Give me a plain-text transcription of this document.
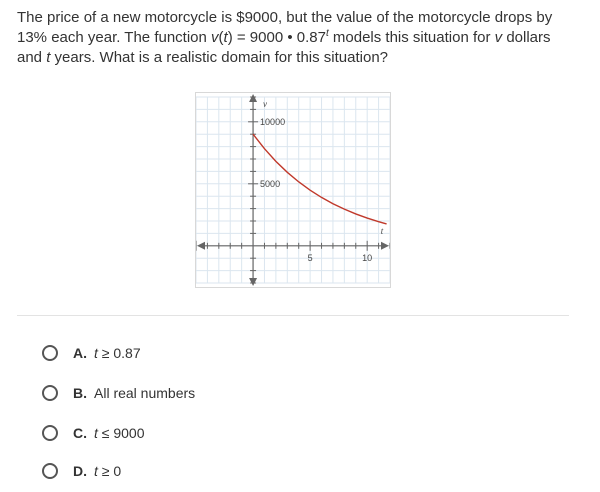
The price of a new motorcycle is $9000, but the value of the motorcycle drops by 13% each year. The function v(t) = 9000 • 0.87$^t$ models this situation for v dollars and t years. What is a realistic domain for this situation?
5	10
5000
10000
v
t
A. t ≥ 0.87
B. All real numbers
C. t ≤ 9000
D. t ≥ 0
